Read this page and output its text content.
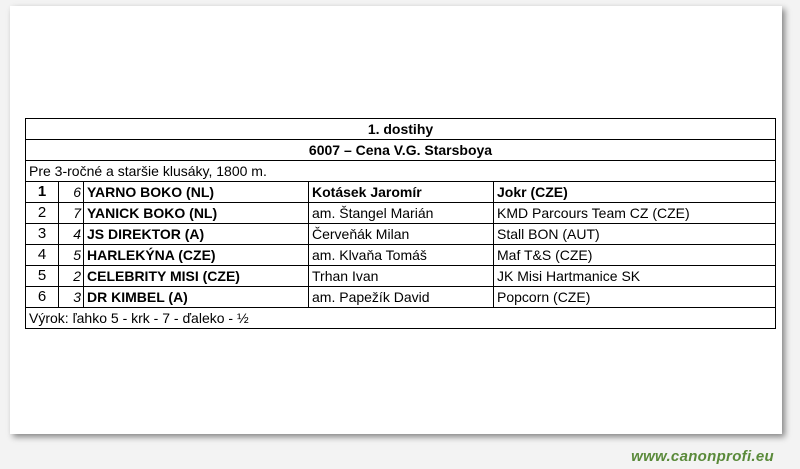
1. dostihy				
6007 – Cena V.G. Starsboya				
Pre 3-ročné a staršie klusáky, 1800 m.				
1	6	YARNO BOKO (NL)	Kotásek Jaromír	Jokr (CZE)
2	7	YANICK BOKO (NL)	am. Štangel Marián	KMD Parcours Team CZ (CZE)
3	4	JS DIREKTOR (A)	Červeňák Milan	Stall BON (AUT)
4	5	HARLEKÝNA (CZE)	am. Klvaňa Tomáš	Maf T&S (CZE)
5	2	CELEBRITY MISI (CZE)	Trhan Ivan	JK Misi Hartmanice SK
6	3	DR KIMBEL (A)	am. Papežík David	Popcorn (CZE)
Výrok: ľahko 5 - krk - 7 - ďaleko - ½				
www.canonprofi.eu
